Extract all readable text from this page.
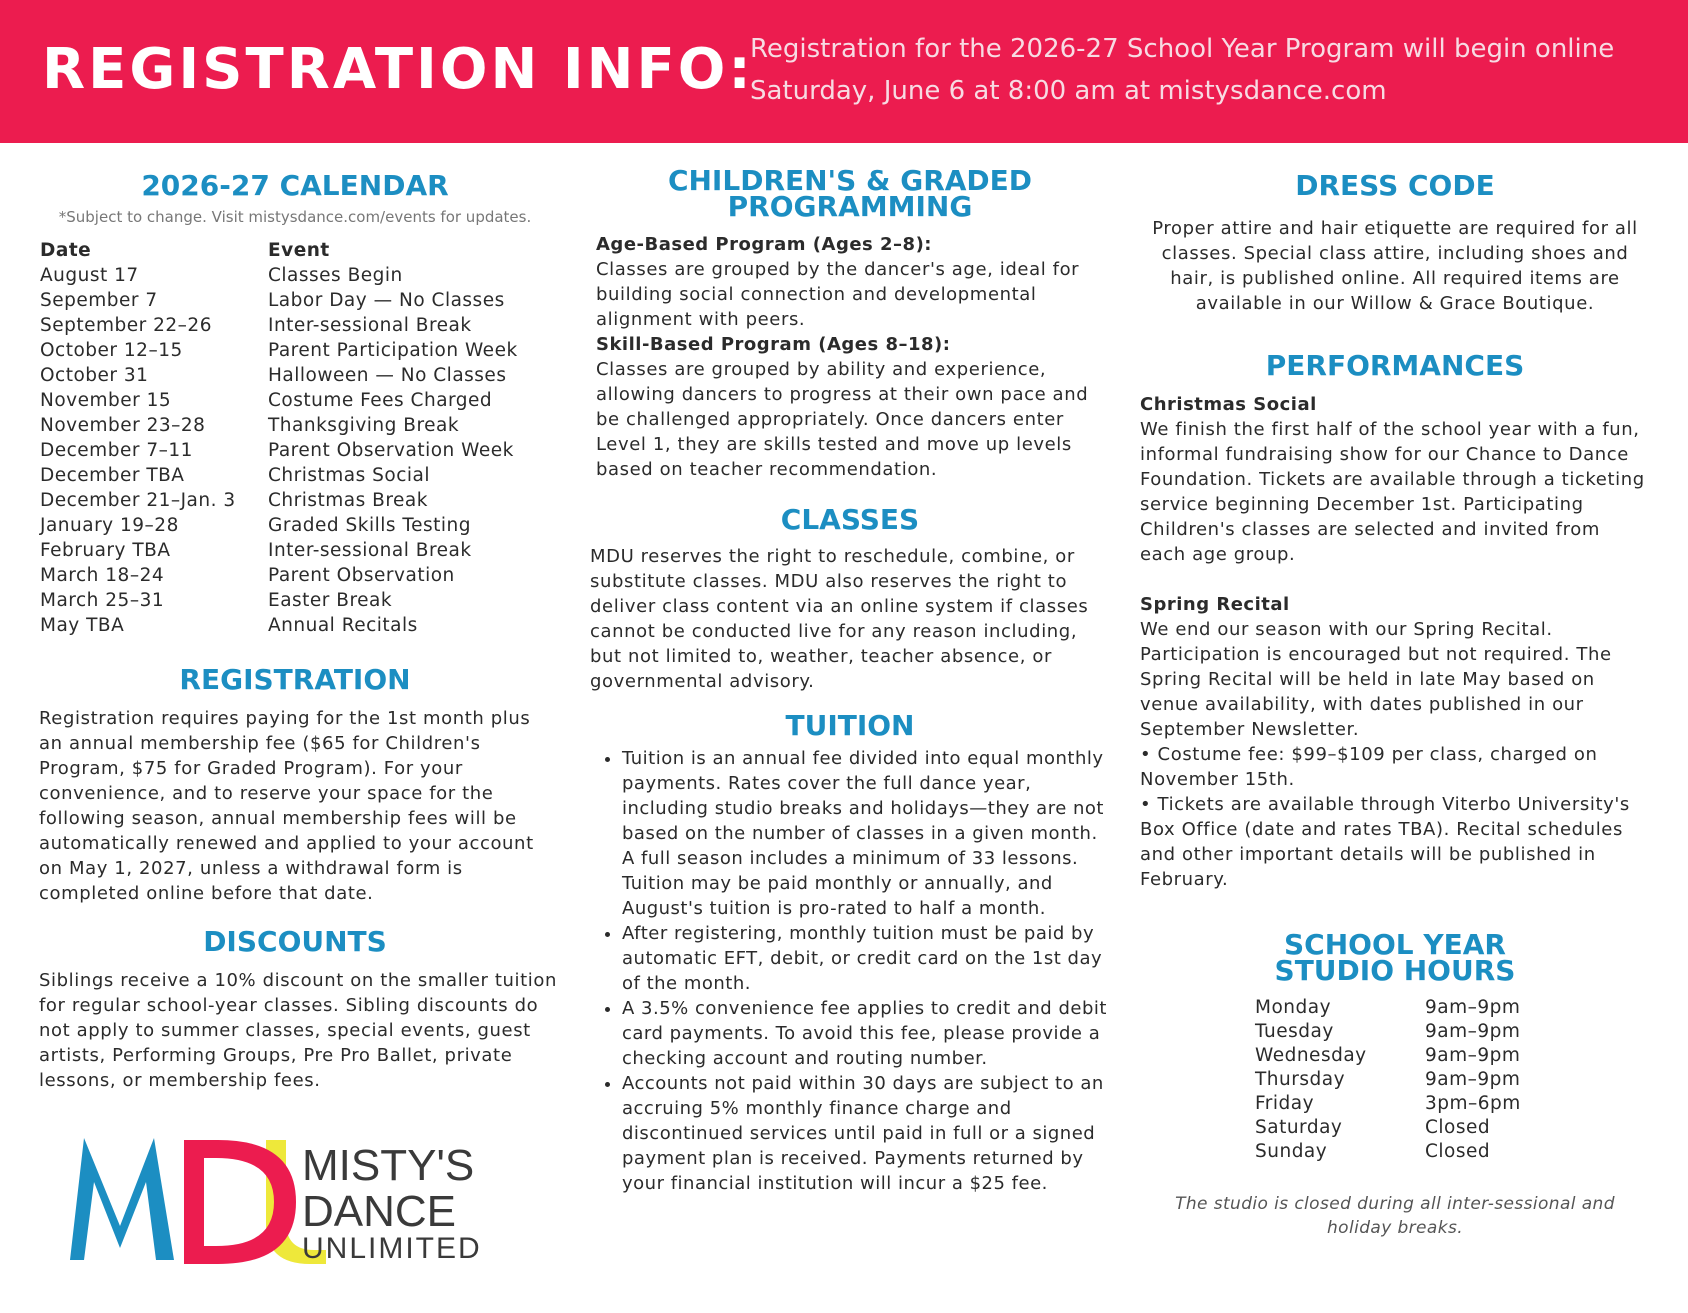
REGISTRATION INFO:

Registration for the 2026-27 School Year Program will begin online Saturday, June 6 at 8:00 am at mistysdance.com

2026-27 CALENDAR
*Subject to change. Visit mistysdance.com/events for updates.
Date	Event
August 17	Classes Begin
Sepember 7	Labor Day — No Classes
September 22–26	Inter-sessional Break
October 12–15	Parent Participation Week
October 31	Halloween — No Classes
November 15	Costume Fees Charged
November 23–28	Thanksgiving Break
December 7–11	Parent Observation Week
December TBA	Christmas Social
December 21–Jan. 3	Christmas Break
January 19–28	Graded Skills Testing
February TBA	Inter-sessional Break
March 18–24	Parent Observation
March 25–31	Easter Break
May TBA	Annual Recitals
REGISTRATION
Registration requires paying for the 1st month plus an annual membership fee ($65 for Children's Program, $75 for Graded Program). For your convenience, and to reserve your space for the following season, annual membership fees will be automatically renewed and applied to your account on May 1, 2027, unless a withdrawal form is completed online before that date.
DISCOUNTS
Siblings receive a 10% discount on the smaller tuition for regular school-year classes. Sibling discounts do not apply to summer classes, special events, guest artists, Performing Groups, Pre Pro Ballet, private lessons, or membership fees.
MISTY'S
DANCE
UNLIMITED
CHILDREN'S & GRADED
PROGRAMMING
Age-Based Program (Ages 2–8):
Classes are grouped by the dancer's age, ideal for building social connection and developmental alignment with peers.
Skill-Based Program (Ages 8–18):
Classes are grouped by ability and experience, allowing dancers to progress at their own pace and be challenged appropriately. Once dancers enter Level 1, they are skills tested and move up levels based on teacher recommendation.
CLASSES
MDU reserves the right to reschedule, combine, or substitute classes. MDU also reserves the right to deliver class content via an online system if classes cannot be conducted live for any reason including, but not limited to, weather, teacher absence, or governmental advisory.
TUITION
• Tuition is an annual fee divided into equal monthly payments. Rates cover the full dance year, including studio breaks and holidays—they are not based on the number of classes in a given month. A full season includes a minimum of 33 lessons. Tuition may be paid monthly or annually, and August's tuition is pro-rated to half a month.
• After registering, monthly tuition must be paid by automatic EFT, debit, or credit card on the 1st day of the month.
• A 3.5% convenience fee applies to credit and debit card payments. To avoid this fee, please provide a checking account and routing number.
• Accounts not paid within 30 days are subject to an accruing 5% monthly finance charge and discontinued services until paid in full or a signed payment plan is received. Payments returned by your financial institution will incur a $25 fee.
DRESS CODE
Proper attire and hair etiquette are required for all classes. Special class attire, including shoes and hair, is published online. All required items are available in our Willow & Grace Boutique.
PERFORMANCES
Christmas Social
We finish the first half of the school year with a fun, informal fundraising show for our Chance to Dance Foundation. Tickets are available through a ticketing service beginning December 1st. Participating Children's classes are selected and invited from each age group.
Spring Recital
We end our season with our Spring Recital. Participation is encouraged but not required. The Spring Recital will be held in late May based on venue availability, with dates published in our September Newsletter.
• Costume fee: $99–$109 per class, charged on November 15th.
• Tickets are available through Viterbo University's Box Office (date and rates TBA). Recital schedules and other important details will be published in February.
SCHOOL YEAR
STUDIO HOURS
Monday	9am–9pm
Tuesday	9am–9pm
Wednesday	9am–9pm
Thursday	9am–9pm
Friday	3pm–6pm
Saturday	Closed
Sunday	Closed
The studio is closed during all inter-sessional and holiday breaks.
